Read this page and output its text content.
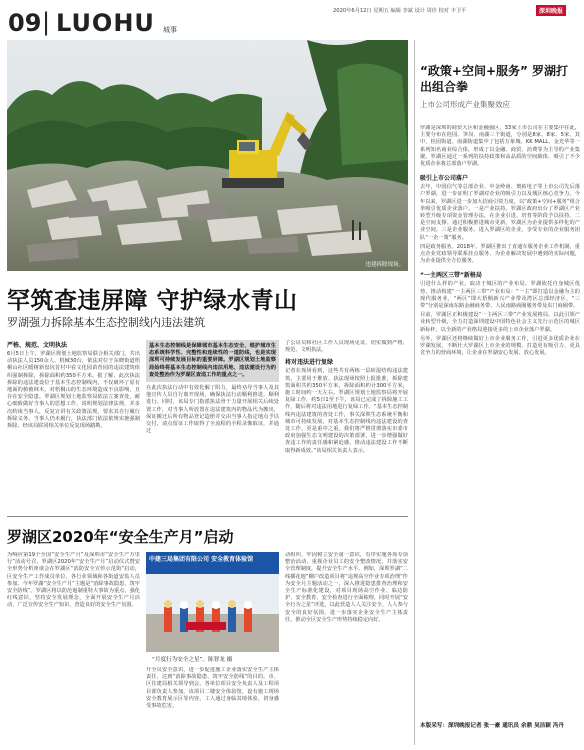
09 | LUOHU 城事
2020年6月12日 星期五 编辑 李斌 设计 周佳 校对 丰卫平	深圳晚报
违建拆除现场。
罕筑查违屏障 守护绿水青山
罗湖强力拆除基本生态控制线内违法建筑
严格、规范、文明执法
6月5日上午，罗湖区规划土地监察局联合相关部门，共出动执法人员150余人、机械30台，依法对位于东晓街道梧桐山社区暖树新盘坑首村中看文化园苗育园的违法建筑组织强制拆除，拆除面积约350平方米。据了解，此次执法拆除的违法建设位于基本生态控制线内，不仅破坏了原有地面的植被林木，对梧桐山的生态环境造成不良影响，且存在安全隐患。罗湖区规划土地监察局依法立案查处，耐心细致做好当事人的思想工作，说明规划法律法规，并多次约谈当事人，反复宣讲有关政策法规，要求其自行履行拆除义务。当事人仍未履行，执法部门依法依规实施强制拆除。经该局联同相关单位反复现场踏勘，
基本生态控制线是保障城市基本生态安全、维护城市生态系统科学性、完整性和连续性的一道防线，也是实现深圳可持续发展目标的重要屏障。罗湖区规划土地监察局始终将基本生态控制线内违法用地、违法建设行为的查处整治作为罗湖区查违工作的重点之一。
在此次执法行动中有效化解了阻力，最终劝导当事人及其他宣传人员自行离开现场，确保执法行动顺利推进，顺利进行。同时，该局专门指派执法骨干力量开展相关后续处置工作，对当事人所放置在违法建筑内的物品代为搬出，保证搬迁后所有物品登记造册并交由当事人指定地点予以交付，请点留证工作取得了全流程的全程录像取证，并通过
了公证员和社区工作人员现场见证，切实做到严格、规范、文明执法。
将对违法进行复绿
记者在现场看到，这些共有两栋一层砖混结构违法建筑，主要用于堆放、执法现场按照上报批准，拆除建筑面积共约350平方米，拆除面积约计300平方米，施工时间约一天左右，罗湖区规划土地监察局将开展复绿工作，约5日1至下午，该局已完成了拆除施工工作，随后将对违法用地进行复绿工作。“基本生态控制线内违法建筑的查处工作，事关深圳生态系统平衡和城市可持续发展，对基本生态控制线内违法建设的查处工作，更是重中之重。我们将严格贯彻落实市委市政府加强生态文明建设的决策部署，进一步增强做好查违工作的责任感和紧迫感，推动违法建设工作不断取得新成效。”该局相关负责人表示。
罗湖区2020年“安全生产月”启动
为响应第19个全国“安全生产月”及深圳市“安全生产万里行”活动号召，罗湖区2020年“安全生产月”启动仪式暨安全形势分析座谈会在罗湖区“消防安全宣传示范街”启动，区安全生产工作成员单位、各行业领域和各街道安监人员参加。今年罗湖“安全生产月”主题是“消除事故隐患，筑牢安全防线”。罗湖区将以防范遏制重特大事故为重点，强化红线意识，坚持安全发展理念，全面开展安全生产月活动，广泛宣传安全生产知识，营造良好的安全生产氛围。
中建三局集团有限公司 安全教育体验馆
“月度行为安全之星”。陈智龙 摄
升全员安全意识，进一步促进施工企业落实安全生产主体责任，达到“消除事故隐患，筑牢安全防线”的目的。市、区住建局相关领导到会，各单位项目安全负责人及工程项目部负责人参加。该项目二楼安全体验馆，设有施工现场安全教育展示区等内容，工人通过身临其境体验，切身感受事故危害。
动组织，牢固树立安全第一意识，有序实施各项专项整治活动，重视企业员工的安全整改情况，并落实安全管理制度，提升安全生产水平。例如，深圳罗湖“二线插花地”棚户改造项目将“违规高空作业专项治理”作为安全月主题活动之一，深入推进隐患排查治理和安全生产标准化建设，对项目现场高空作业、临边防护、安全教育、安全检查进行全面梳理，同时开展“安全行为之星”评选，以此营造人人关注安全、人人参与安全的良好氛围，进一步落实企业安全生产主体责任，推动全区安全生产形势持续稳定向好。
“政策+空间+服务” 罗湖打出组合拳
上市公司形成产业集聚效应
罗湖是深圳的商贸大区和金融强区，33家上市公司在主要集中在此，主要分布在桂园、笋岗、南湖三个街道，分别是8家、8家、5家，其中，桂园街道、南湖街道集中了包括万象城、KK MALL、金光华等一系列知名商业综合体，形成了以金融、商贸、消费等为主导的产业集聚。罗湖区通过一系列的扶持政策和高品质的空间载体，吸引了不少优质企业将总部落户罗湖。
吸引上市公司落户
去年，中国信气等总部企业、中金岭南、奥拓电子等上市公司先后落户罗湖，进一步证明了罗湖对企业的吸引力以及城区核心竞争力。今年以来，罗湖区进一步加大招商引资力度，以“政策+空间+服务”组合拳吸引优质企业落户。一是产业扶持。罗湖区政府出台了罗湖区产业转型升级专项资金管理办法，在企业引进、培育等阶段予以扶持。二是空间支撑。通过积极推进城市更新，罗湖区为企业提供多样化的产业空间。三是企业服务。进入罗湖区的企业，享受专业的企业服务团队“一企一策”服务。
四是政务服务。2018年，罗湖区推出了直通车服务企业工作机制，重点企业党政领导联系挂点服务，为企业解决发展中遇到的实际问题，为企业提供全方位服务。
“一主两区三带”新格局
引进什么样的产业，取决于城区的产业布局。罗湖依托自身城区优势，推动构建“一主两区三带”产业布局：“一主”即打造以金融为主的现代服务业，“两区”即大梧桐新兴产业带及湾区总部经济区，“三带”分别是深南东路金融商务带、人民南路商圈服务带及东门商圈带。
目前，罗湖区正积极建设“一主两区三带”产业发展格局，以此引领产业转型升级，全力打造深圳建设中国特色社会主义先行示范区的城区新标杆，以全新的产业格局迎接更多的上市企业落户罗湖。
另外，罗湖区还将继续做好上市企业服务工作，引进更多优质企业在罗湖发展，不断壮大罗湖区上市企业的规模，打造更有吸引力、更具竞争力的营商环境，让企业在罗湖安心发展、放心发展。
本版采写：深圳晚报记者 张一豪 通讯员 余鼎 吴洁颖 冯丹
